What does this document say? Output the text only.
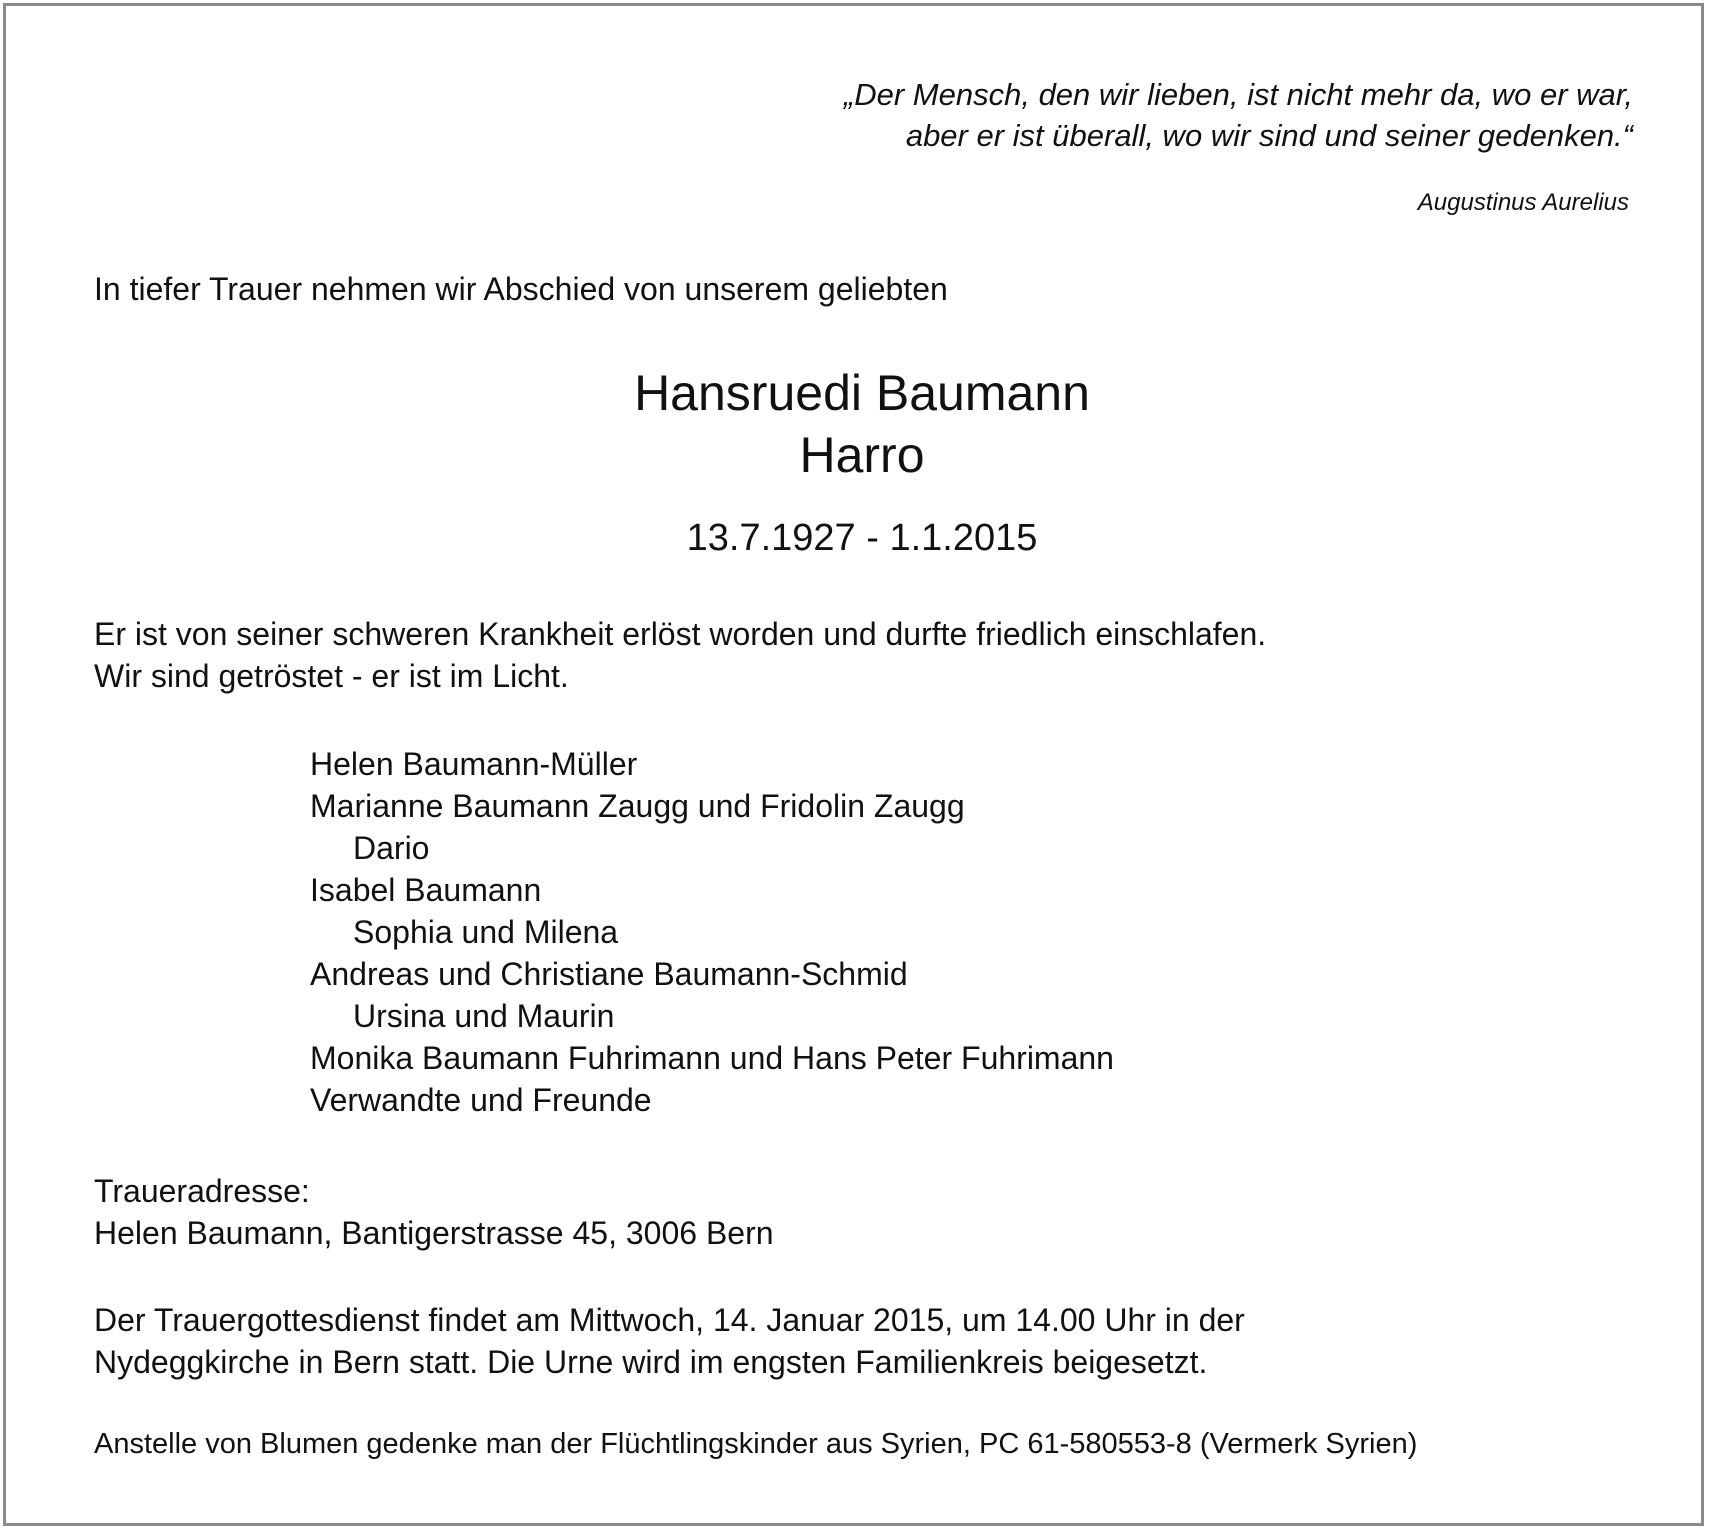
„Der Mensch, den wir lieben, ist nicht mehr da, wo er war,
aber er ist überall, wo wir sind und seiner gedenken.“
Augustinus Aurelius
In tiefer Trauer nehmen wir Abschied von unserem geliebten
Hansruedi Baumann
Harro
13.7.1927 - 1.1.2015
Er ist von seiner schweren Krankheit erlöst worden und durfte friedlich einschlafen.
Wir sind getröstet - er ist im Licht.
Helen Baumann-Müller
Marianne Baumann Zaugg und Fridolin Zaugg
Dario
Isabel Baumann
Sophia und Milena
Andreas und Christiane Baumann-Schmid
Ursina und Maurin
Monika Baumann Fuhrimann und Hans Peter Fuhrimann
Verwandte und Freunde
Traueradresse:
Helen Baumann, Bantigerstrasse 45, 3006 Bern
Der Trauergottesdienst findet am Mittwoch, 14. Januar 2015, um 14.00 Uhr in der
Nydeggkirche in Bern statt. Die Urne wird im engsten Familienkreis beigesetzt.
Anstelle von Blumen gedenke man der Flüchtlingskinder aus Syrien, PC 61-580553-8 (Vermerk Syrien)
